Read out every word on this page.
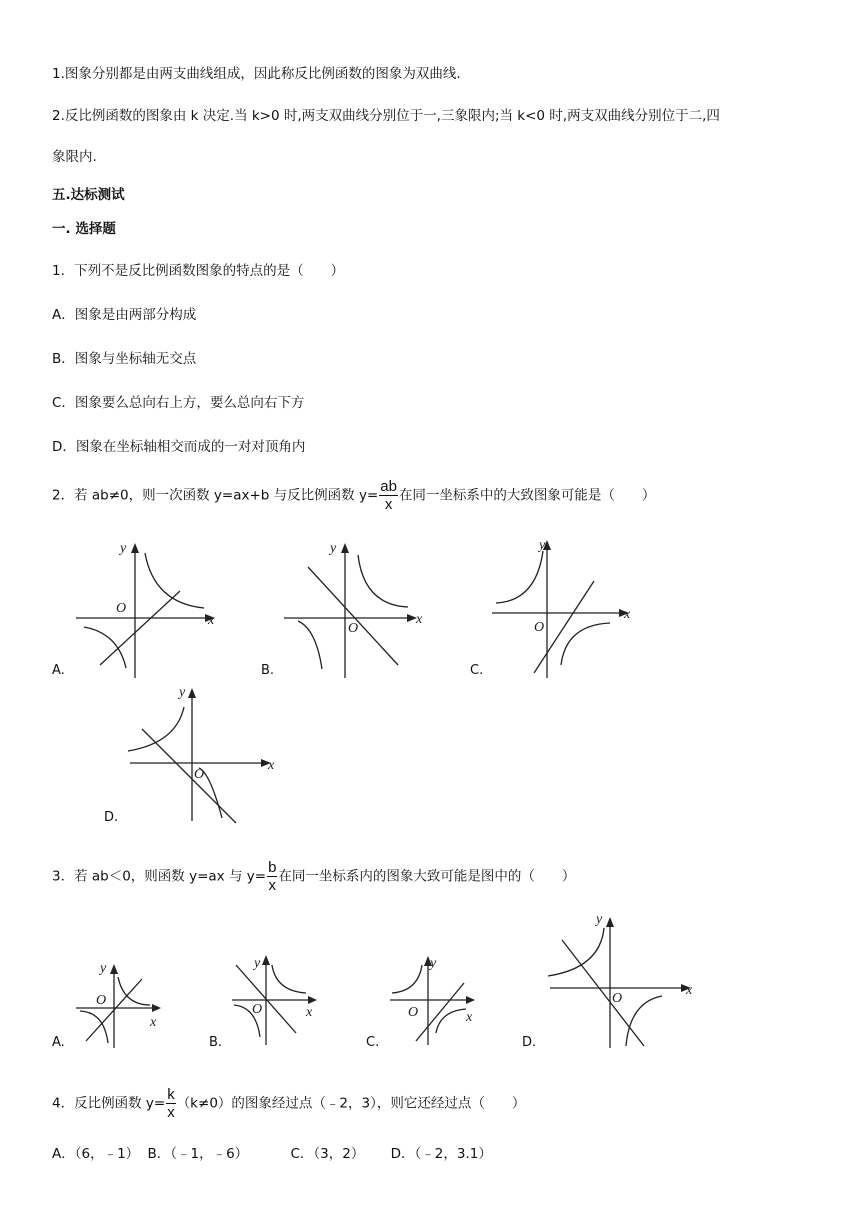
1.图象分别都是由两支曲线组成，因此称反比例函数的图象为双曲线.
2.反比例函数的图象由 k 决定.当 k>0 时,两支双曲线分别位于一,三象限内;当 k<0 时,两支双曲线分别位于二,四
象限内.
五.达标测试
一. 选择题
1．下列不是反比例函数图象的特点的是（　　）
A．图象是由两部分构成
B．图象与坐标轴无交点
C．图象要么总向右上方，要么总向右下方
D．图象在坐标轴相交而成的一对对顶角内
2．若 ab≠0，则一次函数 y=ax+b 与反比例函数 $y= \frac{ab}{x}$ 在同一坐标系中的大致图象可能是（　　）
y
x
O
A.
y
x
O
B.
y
x
O
C.
y
x
O
D.
3．若 ab＜0，则函数 y=ax 与 $y= \frac{b}{x}$ 在同一坐标系内的图象大致可能是图中的（　　）
y
x
O
A.
y
x
O
B.
y
x
O
C.
y
x
O
D.
4．反比例函数 $y= \frac{k}{x} (k\ne 0)$的图象经过点（﹣2，3），则它还经过点（　　）
A．（6，﹣1） B．（﹣1，﹣6）	C．（3，2） D．（﹣2，3.1）
